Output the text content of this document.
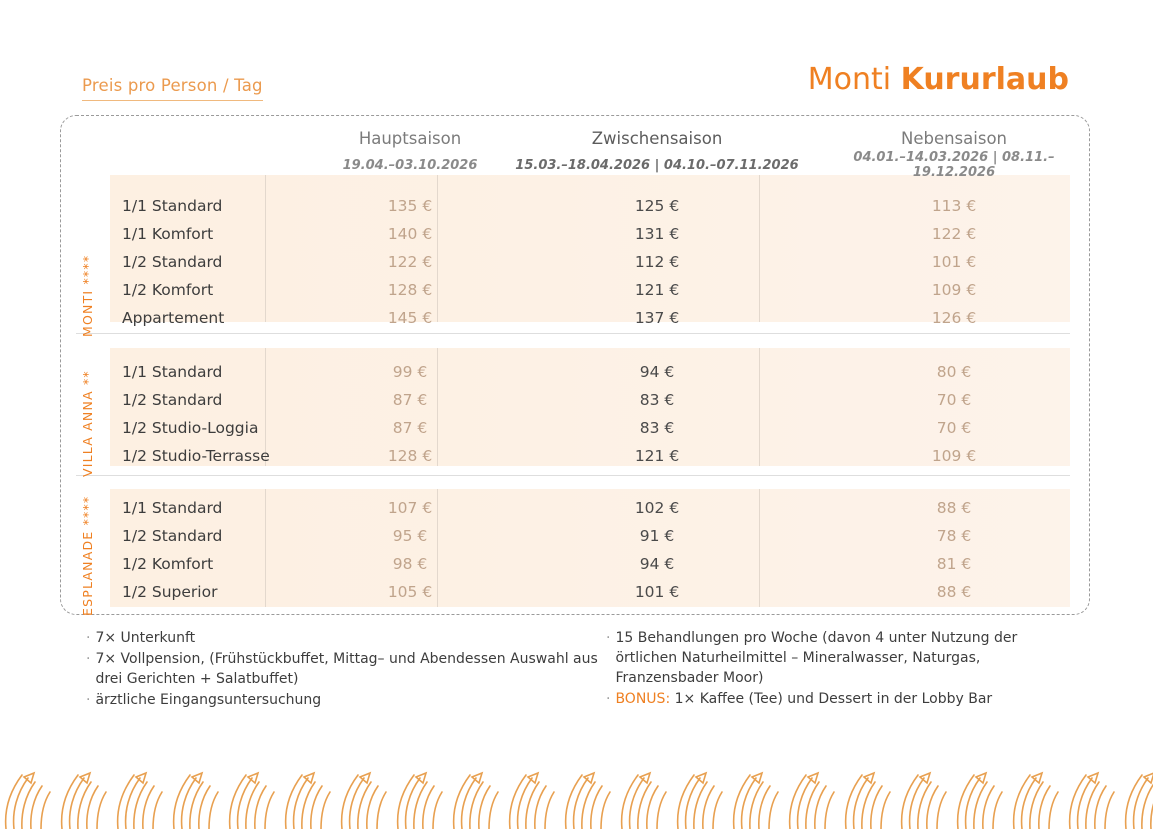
Preis pro Person / Tag	Monti Kururlaub
MONTI ****
VILLA ANNA **
ESPLANADE ****
		Hauptsaison	Zwischensaison	Nebensaison
		19.04.–03.10.2026	15.03.–18.04.2026 | 04.10.–07.11.2026	04.01.–14.03.2026 | 08.11.–19.12.2026
	1/1 Standard	135 €	125 €	113 €
	1/1 Komfort	140 €	131 €	122 €
	1/2 Standard	122 €	112 €	101 €
	1/2 Komfort	128 €	121 €	109 €
	Appartement	145 €	137 €	126 €

	1/1 Standard	99 €	94 €	80 €
	1/2 Standard	87 €	83 €	70 €
	1/2 Studio-Loggia	87 €	83 €	70 €
	1/2 Studio-Terrasse	128 €	121 €	109 €

	1/1 Standard	107 €	102 €	88 €
	1/2 Standard	95 €	91 €	78 €
	1/2 Komfort	98 €	94 €	81 €
	1/2 Superior	105 €	101 €	88 €
· 7× Unterkunft
· 7× Vollpension, (Frühstückbuffet, Mittag– und Abendessen Auswahl aus drei Gerichten + Salatbuffet)
· ärztliche Eingangsuntersuchung
· 15 Behandlungen pro Woche (davon 4 unter Nutzung der örtlichen Naturheilmittel – Mineralwasser, Naturgas, Franzensbader Moor)
· BONUS: 1× Kaffee (Tee) und Dessert in der Lobby Bar
